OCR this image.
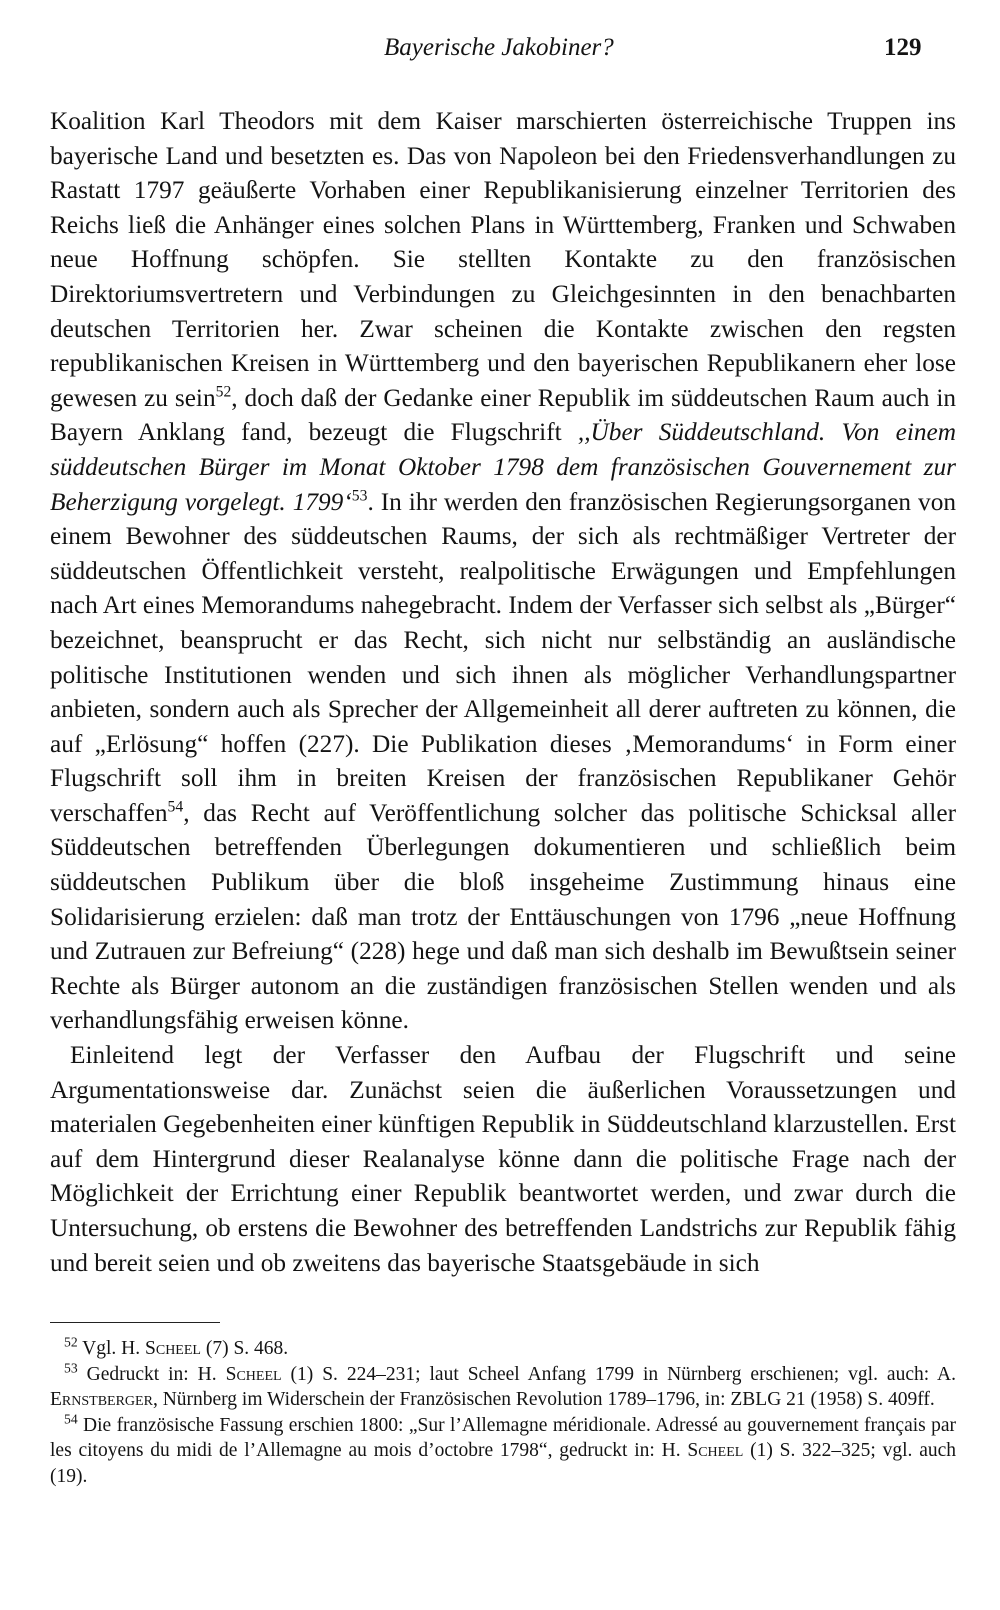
Bayerische Jakobiner?	129

Koalition Karl Theodors mit dem Kaiser marschierten österreichische Truppen ins bayerische Land und besetzten es. Das von Napoleon bei den Friedensverhandlungen zu Rastatt 1797 geäußerte Vorhaben einer Republikanisierung einzelner Territorien des Reichs ließ die Anhänger eines solchen Plans in Württemberg, Franken und Schwaben neue Hoffnung schöpfen. Sie stellten Kontakte zu den französischen Direktoriumsvertretern und Verbindungen zu Gleichgesinnten in den benachbarten deutschen Territorien her. Zwar scheinen die Kontakte zwischen den regsten republikanischen Kreisen in Württemberg und den bayerischen Republikanern eher lose gewesen zu sein$^{52}$, doch daß der Gedanke einer Republik im süddeutschen Raum auch in Bayern Anklang fand, bezeugt die Flugschrift ,,Über Süddeutschland. Von einem süddeutschen Bürger im Monat Oktober 1798 dem französischen Gouvernement zur Beherzigung vorgelegt. 1799‘$^{53}$. In ihr werden den französischen Regierungsorganen von einem Bewohner des süddeutschen Raums, der sich als rechtmäßiger Vertreter der süddeutschen Öffentlichkeit versteht, realpolitische Erwägungen und Empfehlungen nach Art eines Memorandums nahegebracht. Indem der Verfasser sich selbst als „Bürger“ bezeichnet, beansprucht er das Recht, sich nicht nur selbständig an ausländische politische Institutionen wenden und sich ihnen als möglicher Verhandlungspartner anbieten, sondern auch als Sprecher der Allgemeinheit all derer auftreten zu können, die auf „Erlösung“ hoffen (227). Die Publikation dieses ‚Memorandums‘ in Form einer Flugschrift soll ihm in breiten Kreisen der französischen Republikaner Gehör verschaffen$^{54}$, das Recht auf Veröffentlichung solcher das politische Schicksal aller Süddeutschen betreffenden Überlegungen dokumentieren und schließlich beim süddeutschen Publikum über die bloß insgeheime Zustimmung hinaus eine Solidarisierung erzielen: daß man trotz der Enttäuschungen von 1796 „neue Hoffnung und Zutrauen zur Befreiung“ (228) hege und daß man sich deshalb im Bewußtsein seiner Rechte als Bürger autonom an die zuständigen französischen Stellen wenden und als verhandlungsfähig erweisen könne.

Einleitend legt der Verfasser den Aufbau der Flugschrift und seine Argumentationsweise dar. Zunächst seien die äußerlichen Voraussetzungen und materialen Gegebenheiten einer künftigen Republik in Süddeutschland klarzustellen. Erst auf dem Hintergrund dieser Realanalyse könne dann die politische Frage nach der Möglichkeit der Errichtung einer Republik beantwortet werden, und zwar durch die Untersuchung, ob erstens die Bewohner des betreffenden Landstrichs zur Republik fähig und bereit seien und ob zweitens das bayerische Staatsgebäude in sich

$^{52}$ Vgl. H. Scheel (7) S. 468.

$^{53}$ Gedruckt in: H. Scheel (1) S. 224–231; laut Scheel Anfang 1799 in Nürnberg erschienen; vgl. auch: A. Ernstberger, Nürnberg im Widerschein der Französischen Revolution 1789–1796, in: ZBLG 21 (1958) S. 409ff.

$^{54}$ Die französische Fassung erschien 1800: „Sur l’Allemagne méridionale. Adressé au gouvernement français par les citoyens du midi de l’Allemagne au mois d’octobre 1798“, gedruckt in: H. Scheel (1) S. 322–325; vgl. auch (19).
